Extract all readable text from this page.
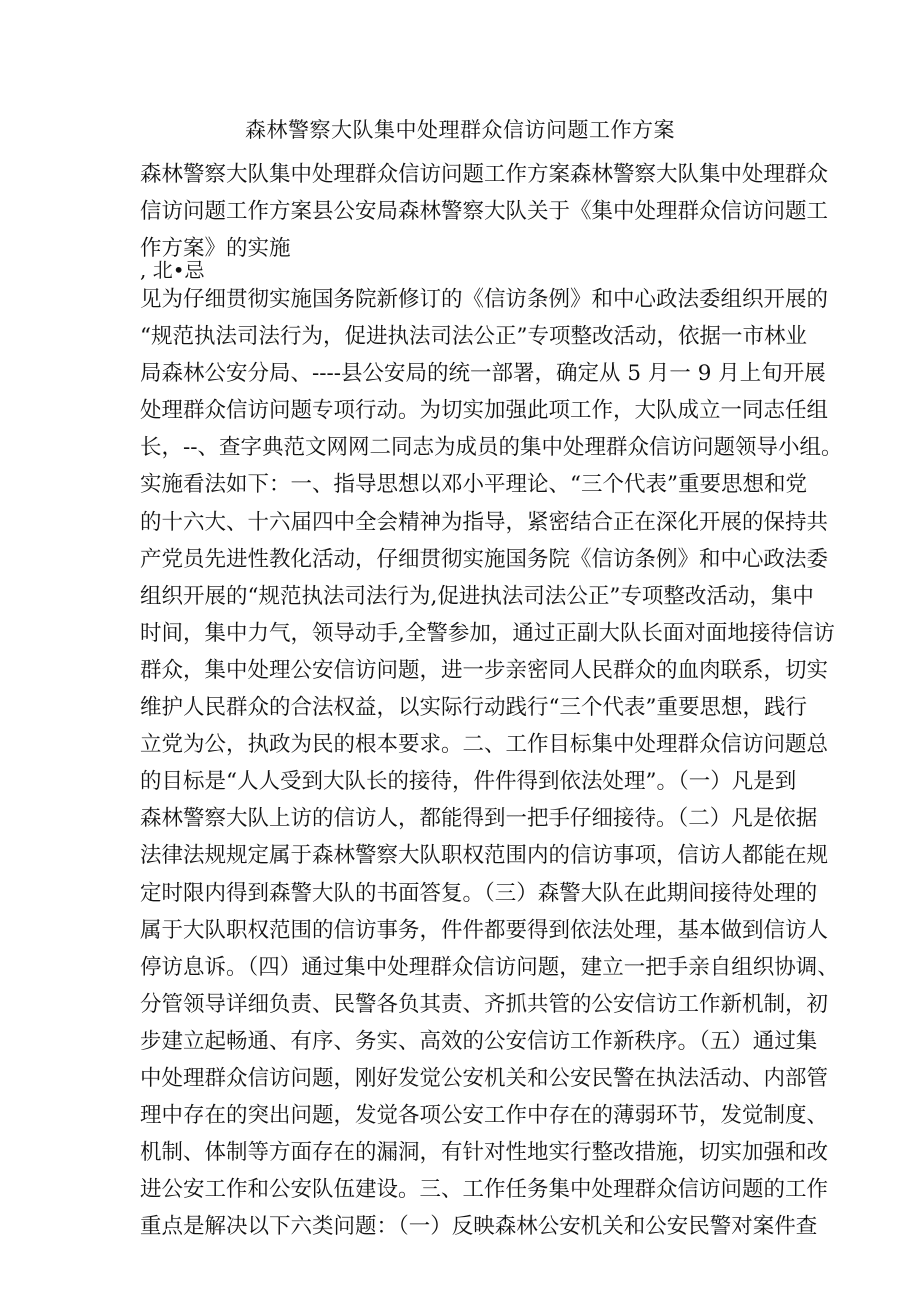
森林警察大队集中处理群众信访问题工作方案

森林警察大队集中处理群众信访问题工作方案森林警察大队集中处理群众
信访问题工作方案县公安局森林警察大队关于《集中处理群众信访问题工
作方案》的实施

, 北•忌

见为仔细贯彻实施国务院新修订的《信访条例》和中心政法委组织开展的
“规范执法司法行为，促进执法司法公正”专项整改活动，依据一市林业
局森林公安分局、----县公安局的统一部署，确定从 5 月一 9 月上旬开展
处理群众信访问题专项行动。为切实加强此项工作，大队成立一同志任组
长，--、查字典范文网网二同志为成员的集中处理群众信访问题领导小组。
实施看法如下：一、指导思想以邓小平理论、“三个代表”重要思想和党
的十六大、十六届四中全会精神为指导，紧密结合正在深化开展的保持共
产党员先进性教化活动，仔细贯彻实施国务院《信访条例》和中心政法委
组织开展的“规范执法司法行为,促进执法司法公正”专项整改活动，集中
时间，集中力气，领导动手,全警参加，通过正副大队长面对面地接待信访
群众，集中处理公安信访问题，进一步亲密同人民群众的血肉联系，切实
维护人民群众的合法权益，以实际行动践行“三个代表”重要思想，践行
立党为公，执政为民的根本要求。二、工作目标集中处理群众信访问题总
的目标是“人人受到大队长的接待，件件得到依法处理”。（一）凡是到
森林警察大队上访的信访人，都能得到一把手仔细接待。（二）凡是依据
法律法规规定属于森林警察大队职权范围内的信访事项，信访人都能在规
定时限内得到森警大队的书面答复。（三）森警大队在此期间接待处理的
属于大队职权范围的信访事务，件件都要得到依法处理，基本做到信访人
停访息诉。（四）通过集中处理群众信访问题，建立一把手亲自组织协调、
分管领导详细负责、民警各负其责、齐抓共管的公安信访工作新机制，初
步建立起畅通、有序、务实、高效的公安信访工作新秩序。（五）通过集
中处理群众信访问题，刚好发觉公安机关和公安民警在执法活动、内部管
理中存在的突出问题，发觉各项公安工作中存在的薄弱环节，发觉制度、
机制、体制等方面存在的漏洞，有针对性地实行整改措施，切实加强和改
进公安工作和公安队伍建设。三、工作任务集中处理群众信访问题的工作
重点是解决以下六类问题：（一）反映森林公安机关和公安民警对案件查
